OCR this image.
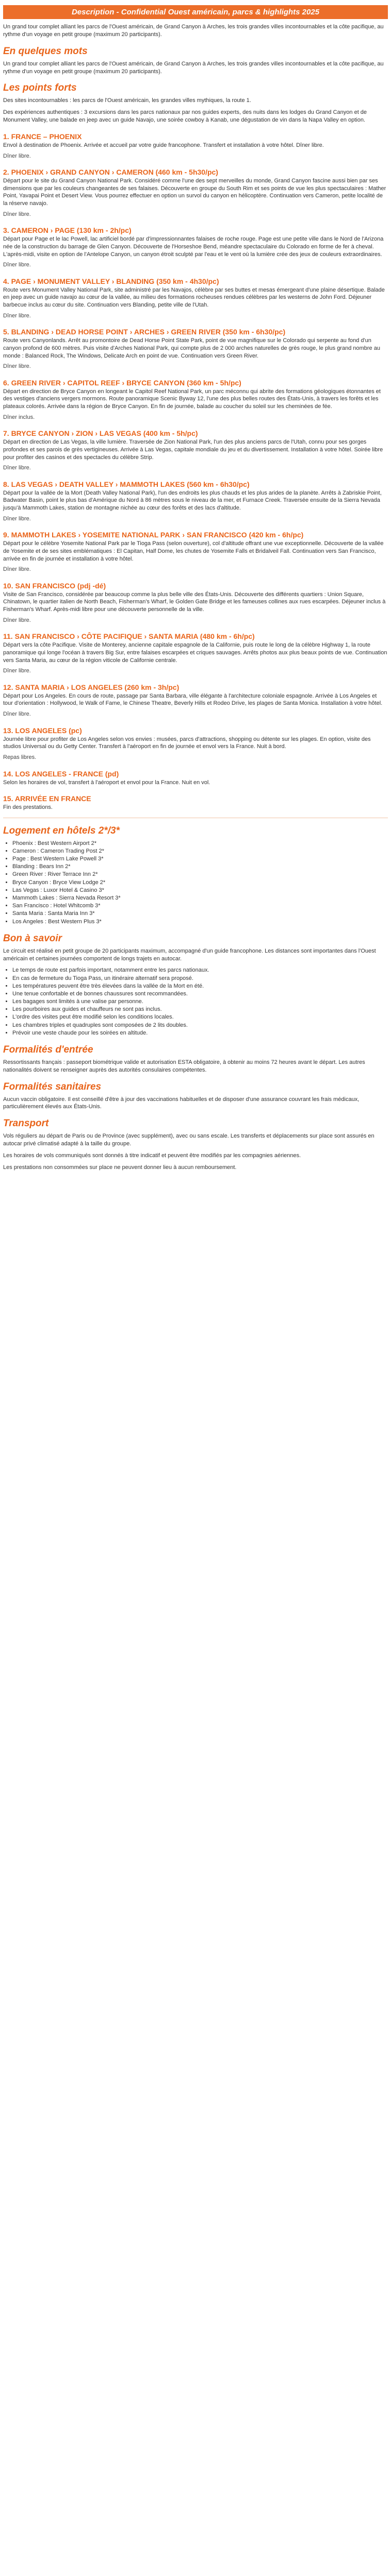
Description - Confidential Ouest américain, parcs & highlights 2025

Un grand tour complet alliant les parcs de l'Ouest américain, de Grand Canyon à Arches, les trois grandes villes incontournables et la côte pacifique, au rythme d'un voyage en petit groupe (maximum 20 participants).

En quelques mots

Un grand tour complet alliant les parcs de l'Ouest américain, de Grand Canyon à Arches, les trois grandes villes incontournables et la côte pacifique, au rythme d'un voyage en petit groupe (maximum 20 participants).

Les points forts

Des sites incontournables : les parcs de l'Ouest américain, les grandes villes mythiques, la route 1.

Des expériences authentiques : 3 excursions dans les parcs nationaux par nos guides experts, des nuits dans les lodges du Grand Canyon et de Monument Valley, une balade en jeep avec un guide Navajo, une soirée cowboy à Kanab, une dégustation de vin dans la Napa Valley en option.

1. FRANCE – PHOENIX

Envol à destination de Phoenix. Arrivée et accueil par votre guide francophone. Transfert et installation à votre hôtel. Dîner libre.

Dîner libre.

2. PHOENIX › GRAND CANYON › CAMERON (460 km - 5h30/pc)

Départ pour le site du Grand Canyon National Park. Considéré comme l'une des sept merveilles du monde, Grand Canyon fascine aussi bien par ses dimensions que par les couleurs changeantes de ses falaises. Découverte en groupe du South Rim et ses points de vue les plus spectaculaires : Mather Point, Yavapai Point et Desert View. Vous pourrez effectuer en option un survol du canyon en hélicoptère. Continuation vers Cameron, petite localité de la réserve navajo.

Dîner libre.

3. CAMERON › PAGE (130 km - 2h/pc)

Départ pour Page et le lac Powell, lac artificiel bordé par d'impressionnantes falaises de roche rouge. Page est une petite ville dans le Nord de l'Arizona née de la construction du barrage de Glen Canyon. Découverte de l'Horseshoe Bend, méandre spectaculaire du Colorado en forme de fer à cheval. L'après-midi, visite en option de l'Antelope Canyon, un canyon étroit sculpté par l'eau et le vent où la lumière crée des jeux de couleurs extraordinaires.

Dîner libre.

4. PAGE › MONUMENT VALLEY › BLANDING (350 km - 4h30/pc)

Route vers Monument Valley National Park, site administré par les Navajos, célèbre par ses buttes et mesas émergeant d'une plaine désertique. Balade en jeep avec un guide navajo au cœur de la vallée, au milieu des formations rocheuses rendues célèbres par les westerns de John Ford. Déjeuner barbecue inclus au cœur du site. Continuation vers Blanding, petite ville de l'Utah.

Dîner libre.

5. BLANDING › DEAD HORSE POINT › ARCHES › GREEN RIVER (350 km - 6h30/pc)

Route vers Canyonlands. Arrêt au promontoire de Dead Horse Point State Park, point de vue magnifique sur le Colorado qui serpente au fond d'un canyon profond de 600 mètres. Puis visite d'Arches National Park, qui compte plus de 2 000 arches naturelles de grès rouge, le plus grand nombre au monde : Balanced Rock, The Windows, Delicate Arch en point de vue. Continuation vers Green River.

Dîner libre.

6. GREEN RIVER › CAPITOL REEF › BRYCE CANYON (360 km - 5h/pc)

Départ en direction de Bryce Canyon en longeant le Capitol Reef National Park, un parc méconnu qui abrite des formations géologiques étonnantes et des vestiges d'anciens vergers mormons. Route panoramique Scenic Byway 12, l'une des plus belles routes des États-Unis, à travers les forêts et les plateaux colorés. Arrivée dans la région de Bryce Canyon. En fin de journée, balade au coucher du soleil sur les cheminées de fée.

Dîner inclus.

7. BRYCE CANYON › ZION › LAS VEGAS (400 km - 5h/pc)

Départ en direction de Las Vegas, la ville lumière. Traversée de Zion National Park, l'un des plus anciens parcs de l'Utah, connu pour ses gorges profondes et ses parois de grès vertigineuses. Arrivée à Las Vegas, capitale mondiale du jeu et du divertissement. Installation à votre hôtel. Soirée libre pour profiter des casinos et des spectacles du célèbre Strip.

Dîner libre.

8. LAS VEGAS › DEATH VALLEY › MAMMOTH LAKES (560 km - 6h30/pc)

Départ pour la vallée de la Mort (Death Valley National Park), l'un des endroits les plus chauds et les plus arides de la planète. Arrêts à Zabriskie Point, Badwater Basin, point le plus bas d'Amérique du Nord à 86 mètres sous le niveau de la mer, et Furnace Creek. Traversée ensuite de la Sierra Nevada jusqu'à Mammoth Lakes, station de montagne nichée au cœur des forêts et des lacs d'altitude.

Dîner libre.

9. MAMMOTH LAKES › YOSEMITE NATIONAL PARK › SAN FRANCISCO (420 km - 6h/pc)

Départ pour le célèbre Yosemite National Park par le Tioga Pass (selon ouverture), col d'altitude offrant une vue exceptionnelle. Découverte de la vallée de Yosemite et de ses sites emblématiques : El Capitan, Half Dome, les chutes de Yosemite Falls et Bridalveil Fall. Continuation vers San Francisco, arrivée en fin de journée et installation à votre hôtel.

Dîner libre.

10. SAN FRANCISCO (pdj -dé)

Visite de San Francisco, considérée par beaucoup comme la plus belle ville des États-Unis. Découverte des différents quartiers : Union Square, Chinatown, le quartier italien de North Beach, Fisherman's Wharf, le Golden Gate Bridge et les fameuses collines aux rues escarpées. Déjeuner inclus à Fisherman's Wharf. Après-midi libre pour une découverte personnelle de la ville.

Dîner libre.

11. SAN FRANCISCO › CÔTE PACIFIQUE › SANTA MARIA (480 km - 6h/pc)

Départ vers la côte Pacifique. Visite de Monterey, ancienne capitale espagnole de la Californie, puis route le long de la célèbre Highway 1, la route panoramique qui longe l'océan à travers Big Sur, entre falaises escarpées et criques sauvages. Arrêts photos aux plus beaux points de vue. Continuation vers Santa Maria, au cœur de la région viticole de Californie centrale.

Dîner libre.

12. SANTA MARIA › LOS ANGELES (260 km - 3h/pc)

Départ pour Los Angeles. En cours de route, passage par Santa Barbara, ville élégante à l'architecture coloniale espagnole. Arrivée à Los Angeles et tour d'orientation : Hollywood, le Walk of Fame, le Chinese Theatre, Beverly Hills et Rodeo Drive, les plages de Santa Monica. Installation à votre hôtel.

Dîner libre.

13. LOS ANGELES (pc)

Journée libre pour profiter de Los Angeles selon vos envies : musées, parcs d'attractions, shopping ou détente sur les plages. En option, visite des studios Universal ou du Getty Center. Transfert à l'aéroport en fin de journée et envol vers la France. Nuit à bord.

Repas libres.

14. LOS ANGELES - FRANCE (pd)

Selon les horaires de vol, transfert à l'aéroport et envol pour la France. Nuit en vol.

15. ARRIVÉE EN FRANCE

Fin des prestations.

Logement en hôtels 2*/3*
• Phoenix : Best Western Airport 2*
• Cameron : Cameron Trading Post 2*
• Page : Best Western Lake Powell 3*
• Blanding : Bears Inn 2*
• Green River : River Terrace Inn 2*
• Bryce Canyon : Bryce View Lodge 2*
• Las Vegas : Luxor Hotel & Casino 3*
• Mammoth Lakes : Sierra Nevada Resort 3*
• San Francisco : Hotel Whitcomb 3*
• Santa Maria : Santa Maria Inn 3*
• Los Angeles : Best Western Plus 3*
Bon à savoir

Le circuit est réalisé en petit groupe de 20 participants maximum, accompagné d'un guide francophone. Les distances sont importantes dans l'Ouest américain et certaines journées comportent de longs trajets en autocar.

• Le temps de route est parfois important, notamment entre les parcs nationaux.
• En cas de fermeture du Tioga Pass, un itinéraire alternatif sera proposé.
• Les températures peuvent être très élevées dans la vallée de la Mort en été.
• Une tenue confortable et de bonnes chaussures sont recommandées.
• Les bagages sont limités à une valise par personne.
• Les pourboires aux guides et chauffeurs ne sont pas inclus.
• L'ordre des visites peut être modifié selon les conditions locales.
• Les chambres triples et quadruples sont composées de 2 lits doubles.
• Prévoir une veste chaude pour les soirées en altitude.
Formalités d'entrée

Ressortissants français : passeport biométrique valide et autorisation ESTA obligatoire, à obtenir au moins 72 heures avant le départ. Les autres nationalités doivent se renseigner auprès des autorités consulaires compétentes.

Formalités sanitaires

Aucun vaccin obligatoire. Il est conseillé d'être à jour des vaccinations habituelles et de disposer d'une assurance couvrant les frais médicaux, particulièrement élevés aux États-Unis.

Transport

Vols réguliers au départ de Paris ou de Province (avec supplément), avec ou sans escale. Les transferts et déplacements sur place sont assurés en autocar privé climatisé adapté à la taille du groupe.

Les horaires de vols communiqués sont donnés à titre indicatif et peuvent être modifiés par les compagnies aériennes.

Les prestations non consommées sur place ne peuvent donner lieu à aucun remboursement.
